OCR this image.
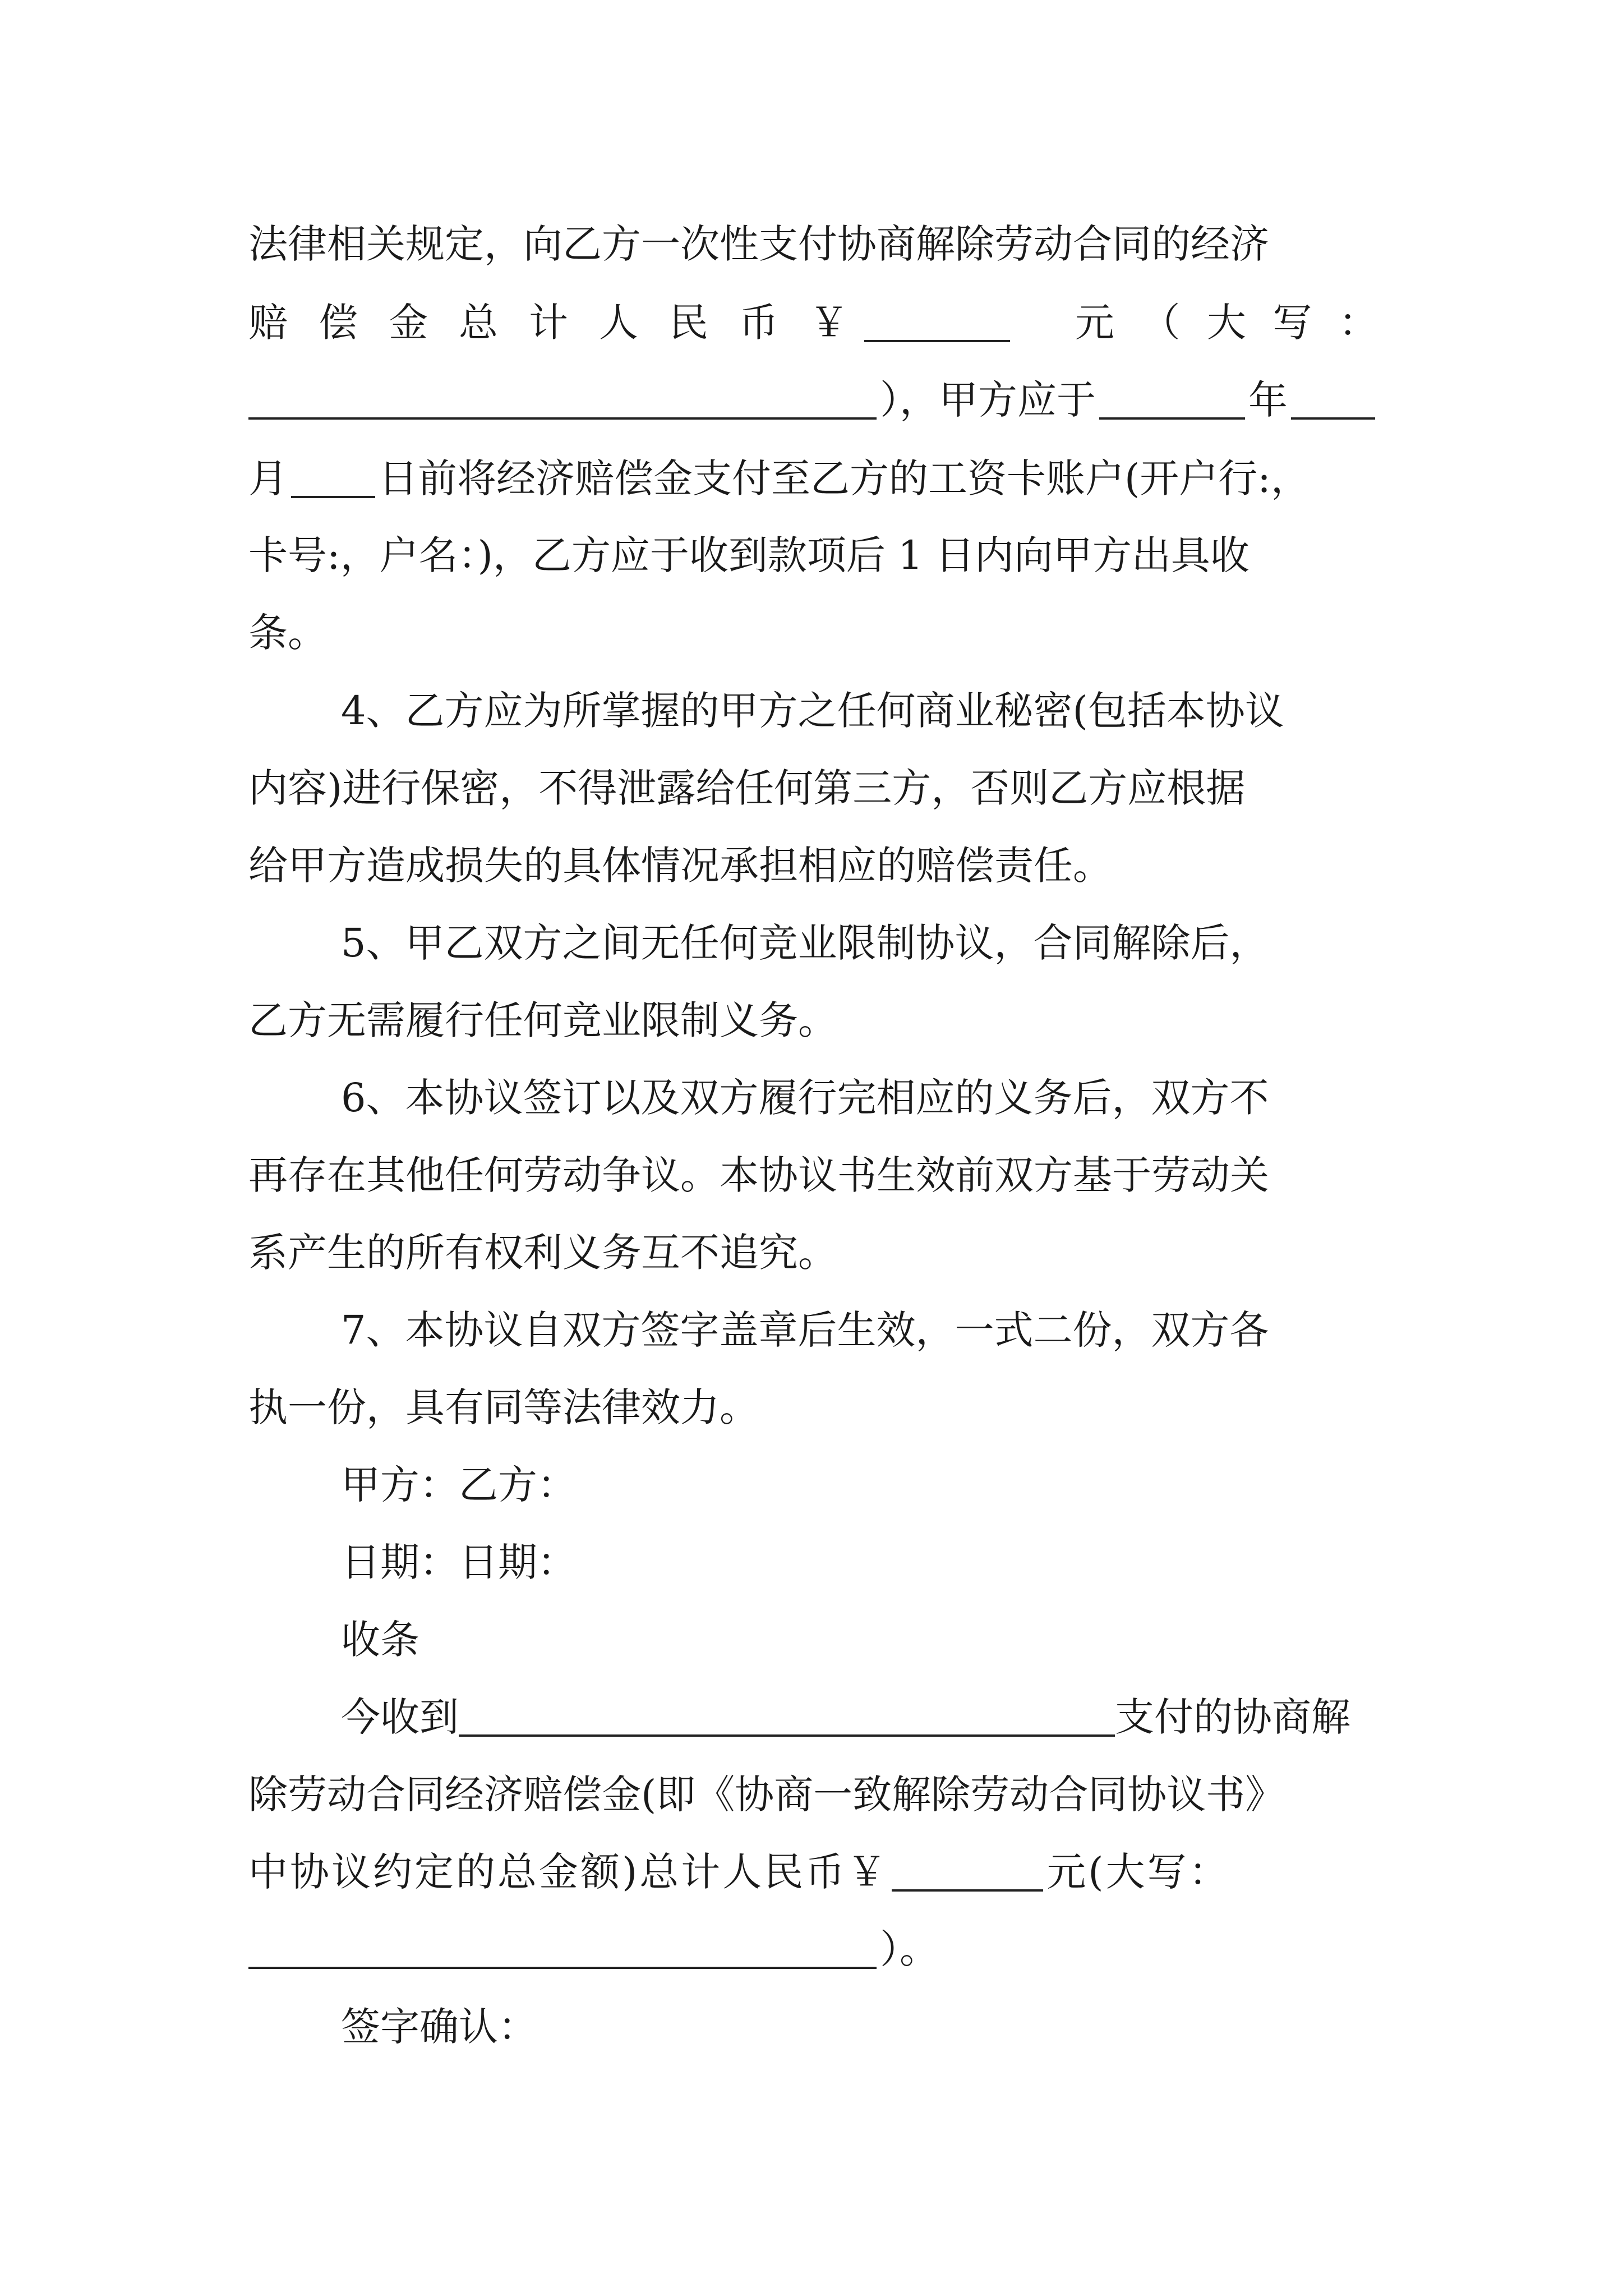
法律相关规定，向乙方一次性支付协商解除劳动合同的经济
赔 偿 金 总 计 人 民 币 ￥	元 （ 大 写 ：
），甲方应于	年
月 日前将经济赔偿金支付至乙方的工资卡账户(开户行:，
卡号:，户名：)，乙方应于收到款项后 1 日内向甲方出具收
条。
4、乙方应为所掌握的甲方之任何商业秘密(包括本协议
内容)进行保密，不得泄露给任何第三方，否则乙方应根据
给甲方造成损失的具体情况承担相应的赔偿责任。
5、甲乙双方之间无任何竞业限制协议，合同解除后，
乙方无需履行任何竞业限制义务。
6、本协议签订以及双方履行完相应的义务后，双方不
再存在其他任何劳动争议。本协议书生效前双方基于劳动关
系产生的所有权利义务互不追究。
7、本协议自双方签字盖章后生效，一式二份，双方各
执一份，具有同等法律效力。
甲方：乙方：
日期：日期：
收条
今收到	支付的协商解
除劳动合同经济赔偿金(即《协商一致解除劳动合同协议书》
中协议约定的总金额)总计人民币￥	元(大写：
）。
签字确认：
